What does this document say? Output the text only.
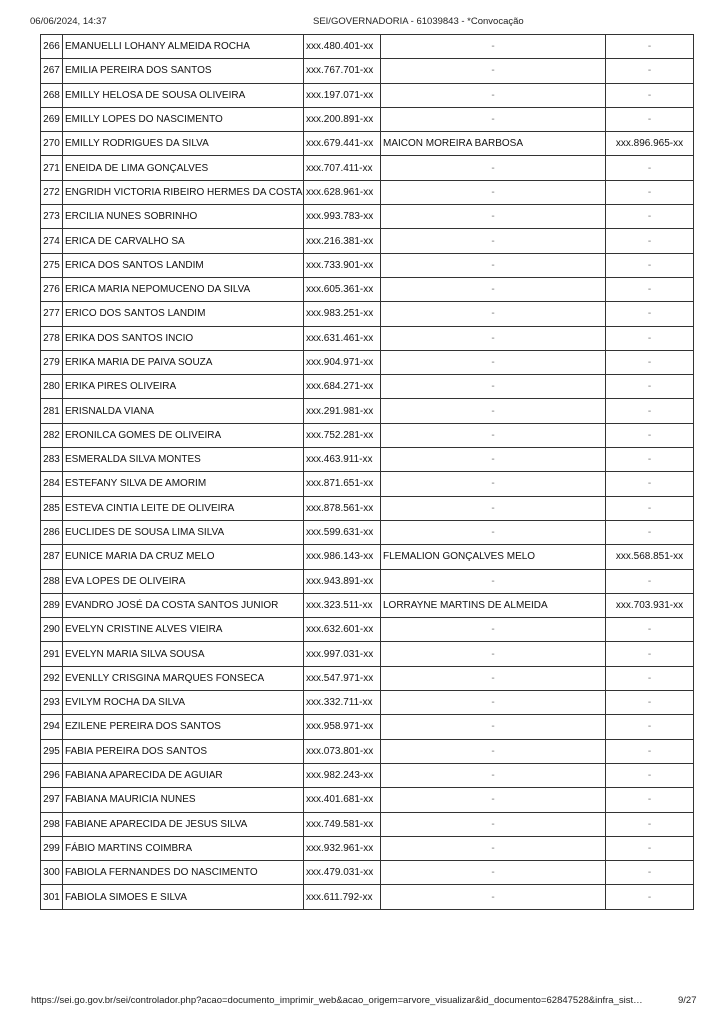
06/06/2024, 14:37	SEI/GOVERNADORIA - 61039843 - *Convocação
266	EMANUELLI LOHANY ALMEIDA ROCHA	xxx.480.401-xx	-	-
267	EMILIA PEREIRA DOS SANTOS	xxx.767.701-xx	-	-
268	EMILLY HELOSA DE SOUSA OLIVEIRA	xxx.197.071-xx	-	-
269	EMILLY LOPES DO NASCIMENTO	xxx.200.891-xx	-	-
270	EMILLY RODRIGUES DA SILVA	xxx.679.441-xx	MAICON MOREIRA BARBOSA	xxx.896.965-xx
271	ENEIDA DE LIMA GONÇALVES	xxx.707.411-xx	-	-
272	ENGRIDH VICTORIA RIBEIRO HERMES DA COSTA	xxx.628.961-xx	-	-
273	ERCILIA NUNES SOBRINHO	xxx.993.783-xx	-	-
274	ERICA DE CARVALHO SA	xxx.216.381-xx	-	-
275	ERICA DOS SANTOS LANDIM	xxx.733.901-xx	-	-
276	ERICA MARIA NEPOMUCENO DA SILVA	xxx.605.361-xx	-	-
277	ERICO DOS SANTOS LANDIM	xxx.983.251-xx	-	-
278	ERIKA DOS SANTOS INCIO	xxx.631.461-xx	-	-
279	ERIKA MARIA DE PAIVA SOUZA	xxx.904.971-xx	-	-
280	ERIKA PIRES OLIVEIRA	xxx.684.271-xx	-	-
281	ERISNALDA VIANA	xxx.291.981-xx	-	-
282	ERONILCA GOMES DE OLIVEIRA	xxx.752.281-xx	-	-
283	ESMERALDA SILVA MONTES	xxx.463.911-xx	-	-
284	ESTEFANY SILVA DE AMORIM	xxx.871.651-xx	-	-
285	ESTEVA CINTIA LEITE DE OLIVEIRA	xxx.878.561-xx	-	-
286	EUCLIDES DE SOUSA LIMA SILVA	xxx.599.631-xx	-	-
287	EUNICE MARIA DA CRUZ MELO	xxx.986.143-xx	FLEMALION GONÇALVES MELO	xxx.568.851-xx
288	EVA LOPES DE OLIVEIRA	xxx.943.891-xx	-	-
289	EVANDRO JOSÉ DA COSTA SANTOS JUNIOR	xxx.323.511-xx	LORRAYNE MARTINS DE ALMEIDA	xxx.703.931-xx
290	EVELYN CRISTINE ALVES VIEIRA	xxx.632.601-xx	-	-
291	EVELYN MARIA SILVA SOUSA	xxx.997.031-xx	-	-
292	EVENLLY CRISGINA MARQUES FONSECA	xxx.547.971-xx	-	-
293	EVILYM ROCHA DA SILVA	xxx.332.711-xx	-	-
294	EZILENE PEREIRA DOS SANTOS	xxx.958.971-xx	-	-
295	FABIA PEREIRA DOS SANTOS	xxx.073.801-xx	-	-
296	FABIANA APARECIDA DE AGUIAR	xxx.982.243-xx	-	-
297	FABIANA MAURICIA NUNES	xxx.401.681-xx	-	-
298	FABIANE APARECIDA DE JESUS SILVA	xxx.749.581-xx	-	-
299	FÁBIO MARTINS COIMBRA	xxx.932.961-xx	-	-
300	FABIOLA FERNANDES DO NASCIMENTO	xxx.479.031-xx	-	-
301	FABIOLA SIMOES E SILVA	xxx.611.792-xx	-	-
https://sei.go.gov.br/sei/controlador.php?acao=documento_imprimir_web&acao_origem=arvore_visualizar&id_documento=62847528&infra_sist…	9/27
